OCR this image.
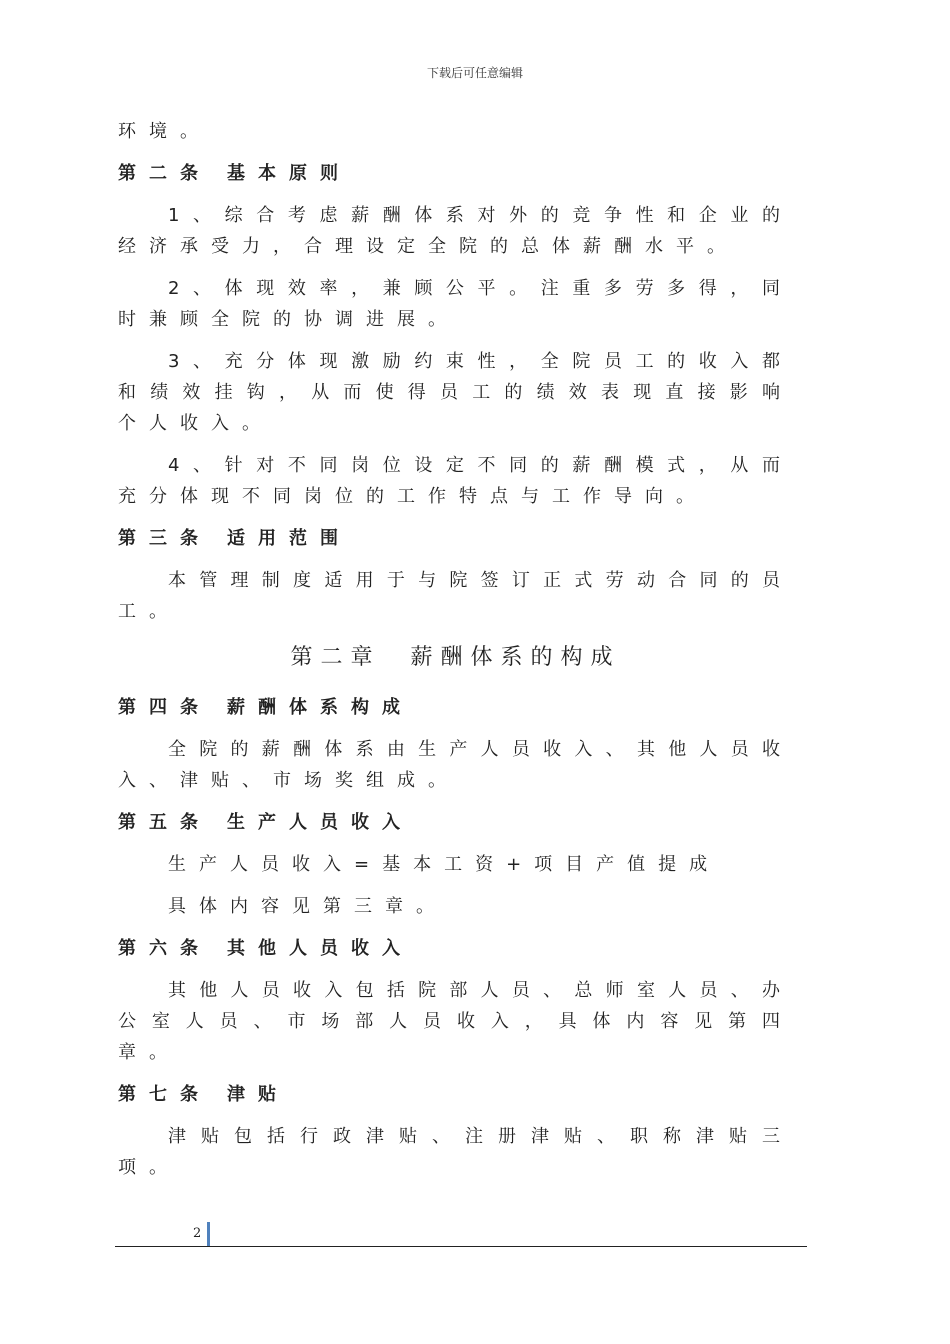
下载后可任意编辑

环境。

第二条 基本原则

1、综合考虑薪酬体系对外的竞争性和企业的经济承受力，合理设定全院的总体薪酬水平。

2、体现效率，兼顾公平。注重多劳多得，同时兼顾全院的协调进展。

3、充分体现激励约束性，全院员工的收入都和绩效挂钩，从而使得员工的绩效表现直接影响个人收入。

4、针对不同岗位设定不同的薪酬模式，从而充分体现不同岗位的工作特点与工作导向。

第三条 适用范围

本管理制度适用于与院签订正式劳动合同的员工。

第二章 薪酬体系的构成

第四条 薪酬体系构成

全院的薪酬体系由生产人员收入、其他人员收入、津贴、市场奖组成。

第五条 生产人员收入

生产人员收入=基本工资+项目产值提成

具体内容见第三章。

第六条 其他人员收入

其他人员收入包括院部人员、总师室人员、办公室人员、市场部人员收入，具体内容见第四章。

第七条 津贴

津贴包括行政津贴、注册津贴、职称津贴三项。

2
